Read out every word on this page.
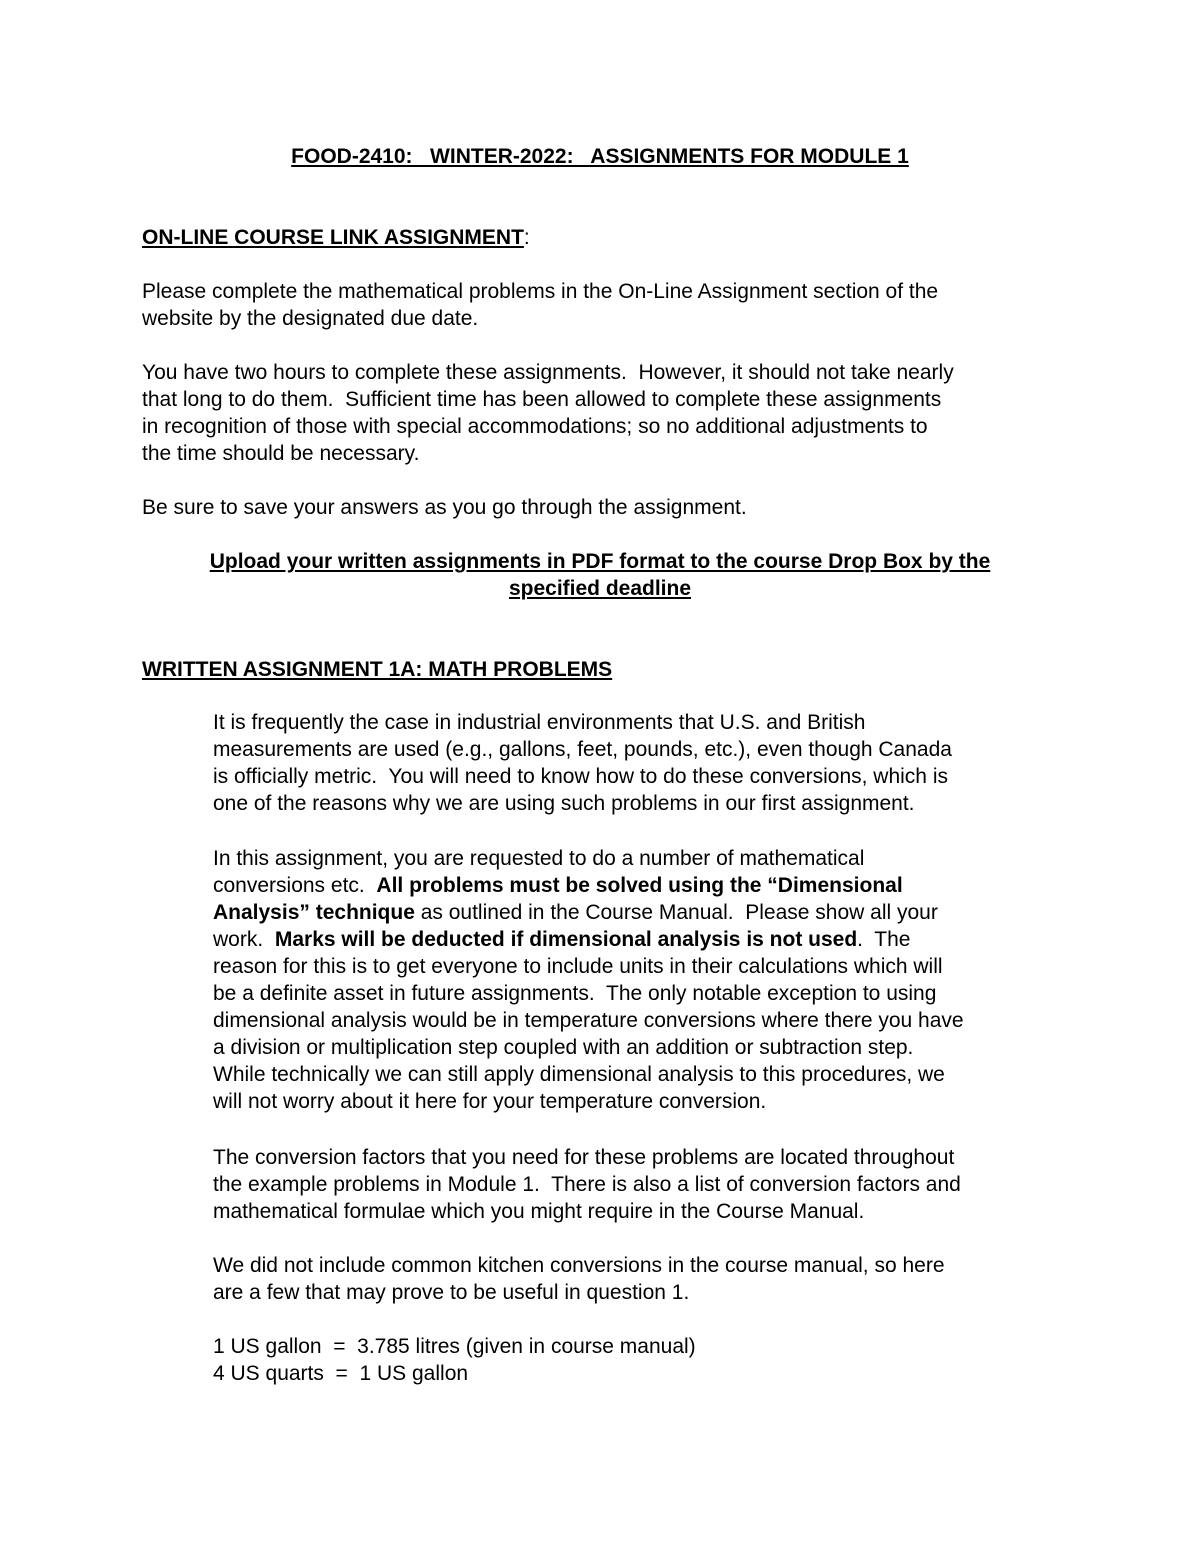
FOOD-2410:   WINTER-2022:   ASSIGNMENTS FOR MODULE 1
ON-LINE COURSE LINK ASSIGNMENT:
Please complete the mathematical problems in the On-Line Assignment section of the
website by the designated due date.
You have two hours to complete these assignments.  However, it should not take nearly
that long to do them.  Sufficient time has been allowed to complete these assignments
in recognition of those with special accommodations; so no additional adjustments to
the time should be necessary.
Be sure to save your answers as you go through the assignment.
Upload your written assignments in PDF format to the course Drop Box by the
specified deadline
WRITTEN ASSIGNMENT 1A: MATH PROBLEMS
It is frequently the case in industrial environments that U.S. and British
measurements are used (e.g., gallons, feet, pounds, etc.), even though Canada
is officially metric.  You will need to know how to do these conversions, which is
one of the reasons why we are using such problems in our first assignment.
In this assignment, you are requested to do a number of mathematical
conversions etc.  All problems must be solved using the “Dimensional
Analysis” technique as outlined in the Course Manual.  Please show all your
work.  Marks will be deducted if dimensional analysis is not used.  The
reason for this is to get everyone to include units in their calculations which will
be a definite asset in future assignments.  The only notable exception to using
dimensional analysis would be in temperature conversions where there you have
a division or multiplication step coupled with an addition or subtraction step.
While technically we can still apply dimensional analysis to this procedures, we
will not worry about it here for your temperature conversion.
The conversion factors that you need for these problems are located throughout
the example problems in Module 1.  There is also a list of conversion factors and
mathematical formulae which you might require in the Course Manual.
We did not include common kitchen conversions in the course manual, so here
are a few that may prove to be useful in question 1.
1 US gallon  =  3.785 litres (given in course manual)
4 US quarts  =  1 US gallon
